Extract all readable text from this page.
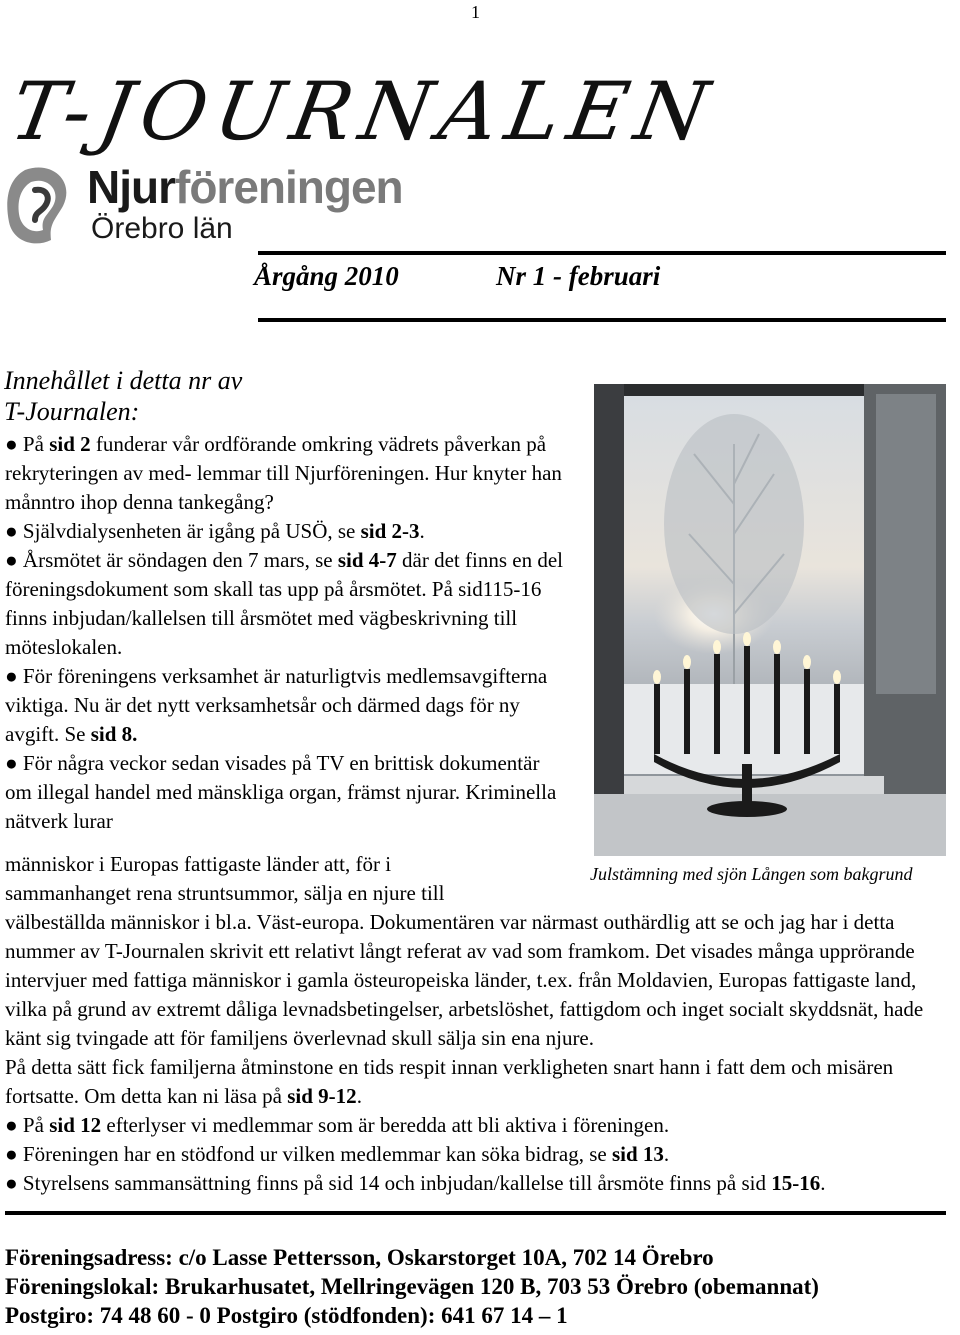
1
T-JOURNALEN
Njurföreningen
Örebro län
Årgång 2010	Nr 1 - februari
Innehållet i detta nr av
T-Journalen:

● På sid 2 funderar vår ordförande omkring vädrets påverkan på rekryteringen av med- lemmar till Njurföreningen. Hur knyter han månntro ihop denna tankegång?

● Självdialysenheten är igång på USÖ, se sid 2-3.

● Årsmötet är söndagen den 7 mars, se sid 4-7 där det finns en del föreningsdokument som skall tas upp på årsmötet. På sid115-16 finns inbjudan/kallelsen till årsmötet med vägbeskrivning till möteslokalen.

● För föreningens verksamhet är naturligtvis medlemsavgifterna viktiga. Nu är det nytt verksamhetsår och därmed dags för ny avgift. Se sid 8.

● För några veckor sedan visades på TV en brittisk dokumentär om illegal handel med mänskliga organ, främst njurar. Kriminella nätverk lurar

Julstämning med sjön Lången som bakgrund

människor i Europas fattigaste länder att, för i

sammanhanget rena struntsummor, sälja en njure till

välbeställda människor i bl.a. Väst-europa. Dokumentären var närmast outhärdlig att se och jag har i detta nummer av T-Journalen skrivit ett relativt långt referat av vad som framkom. Det visades många upprörande intervjuer med fattiga människor i gamla östeuropeiska länder, t.ex. från Moldavien, Europas fattigaste land, vilka på grund av extremt dåliga levnadsbetingelser, arbetslöshet, fattigdom och inget socialt skyddsnät, hade känt sig tvingade att för familjens överlevnad skull sälja sin ena njure.

På detta sätt fick familjerna åtminstone en tids respit innan verkligheten snart hann i fatt dem och misären fortsatte. Om detta kan ni läsa på sid 9-12.

● På sid 12 efterlyser vi medlemmar som är beredda att bli aktiva i föreningen.

● Föreningen har en stödfond ur vilken medlemmar kan söka bidrag, se sid 13.

● Styrelsens sammansättning finns på sid 14 och inbjudan/kallelse till årsmöte finns på sid 15-16.

Föreningsadress: c/o Lasse Pettersson, Oskarstorget 10A, 702 14 Örebro

Föreningslokal: Brukarhusatet, Mellringevägen 120 B, 703 53 Örebro (obemannat)

Postgiro: 74 48 60 - 0 Postgiro (stödfonden): 641 67 14 – 1
